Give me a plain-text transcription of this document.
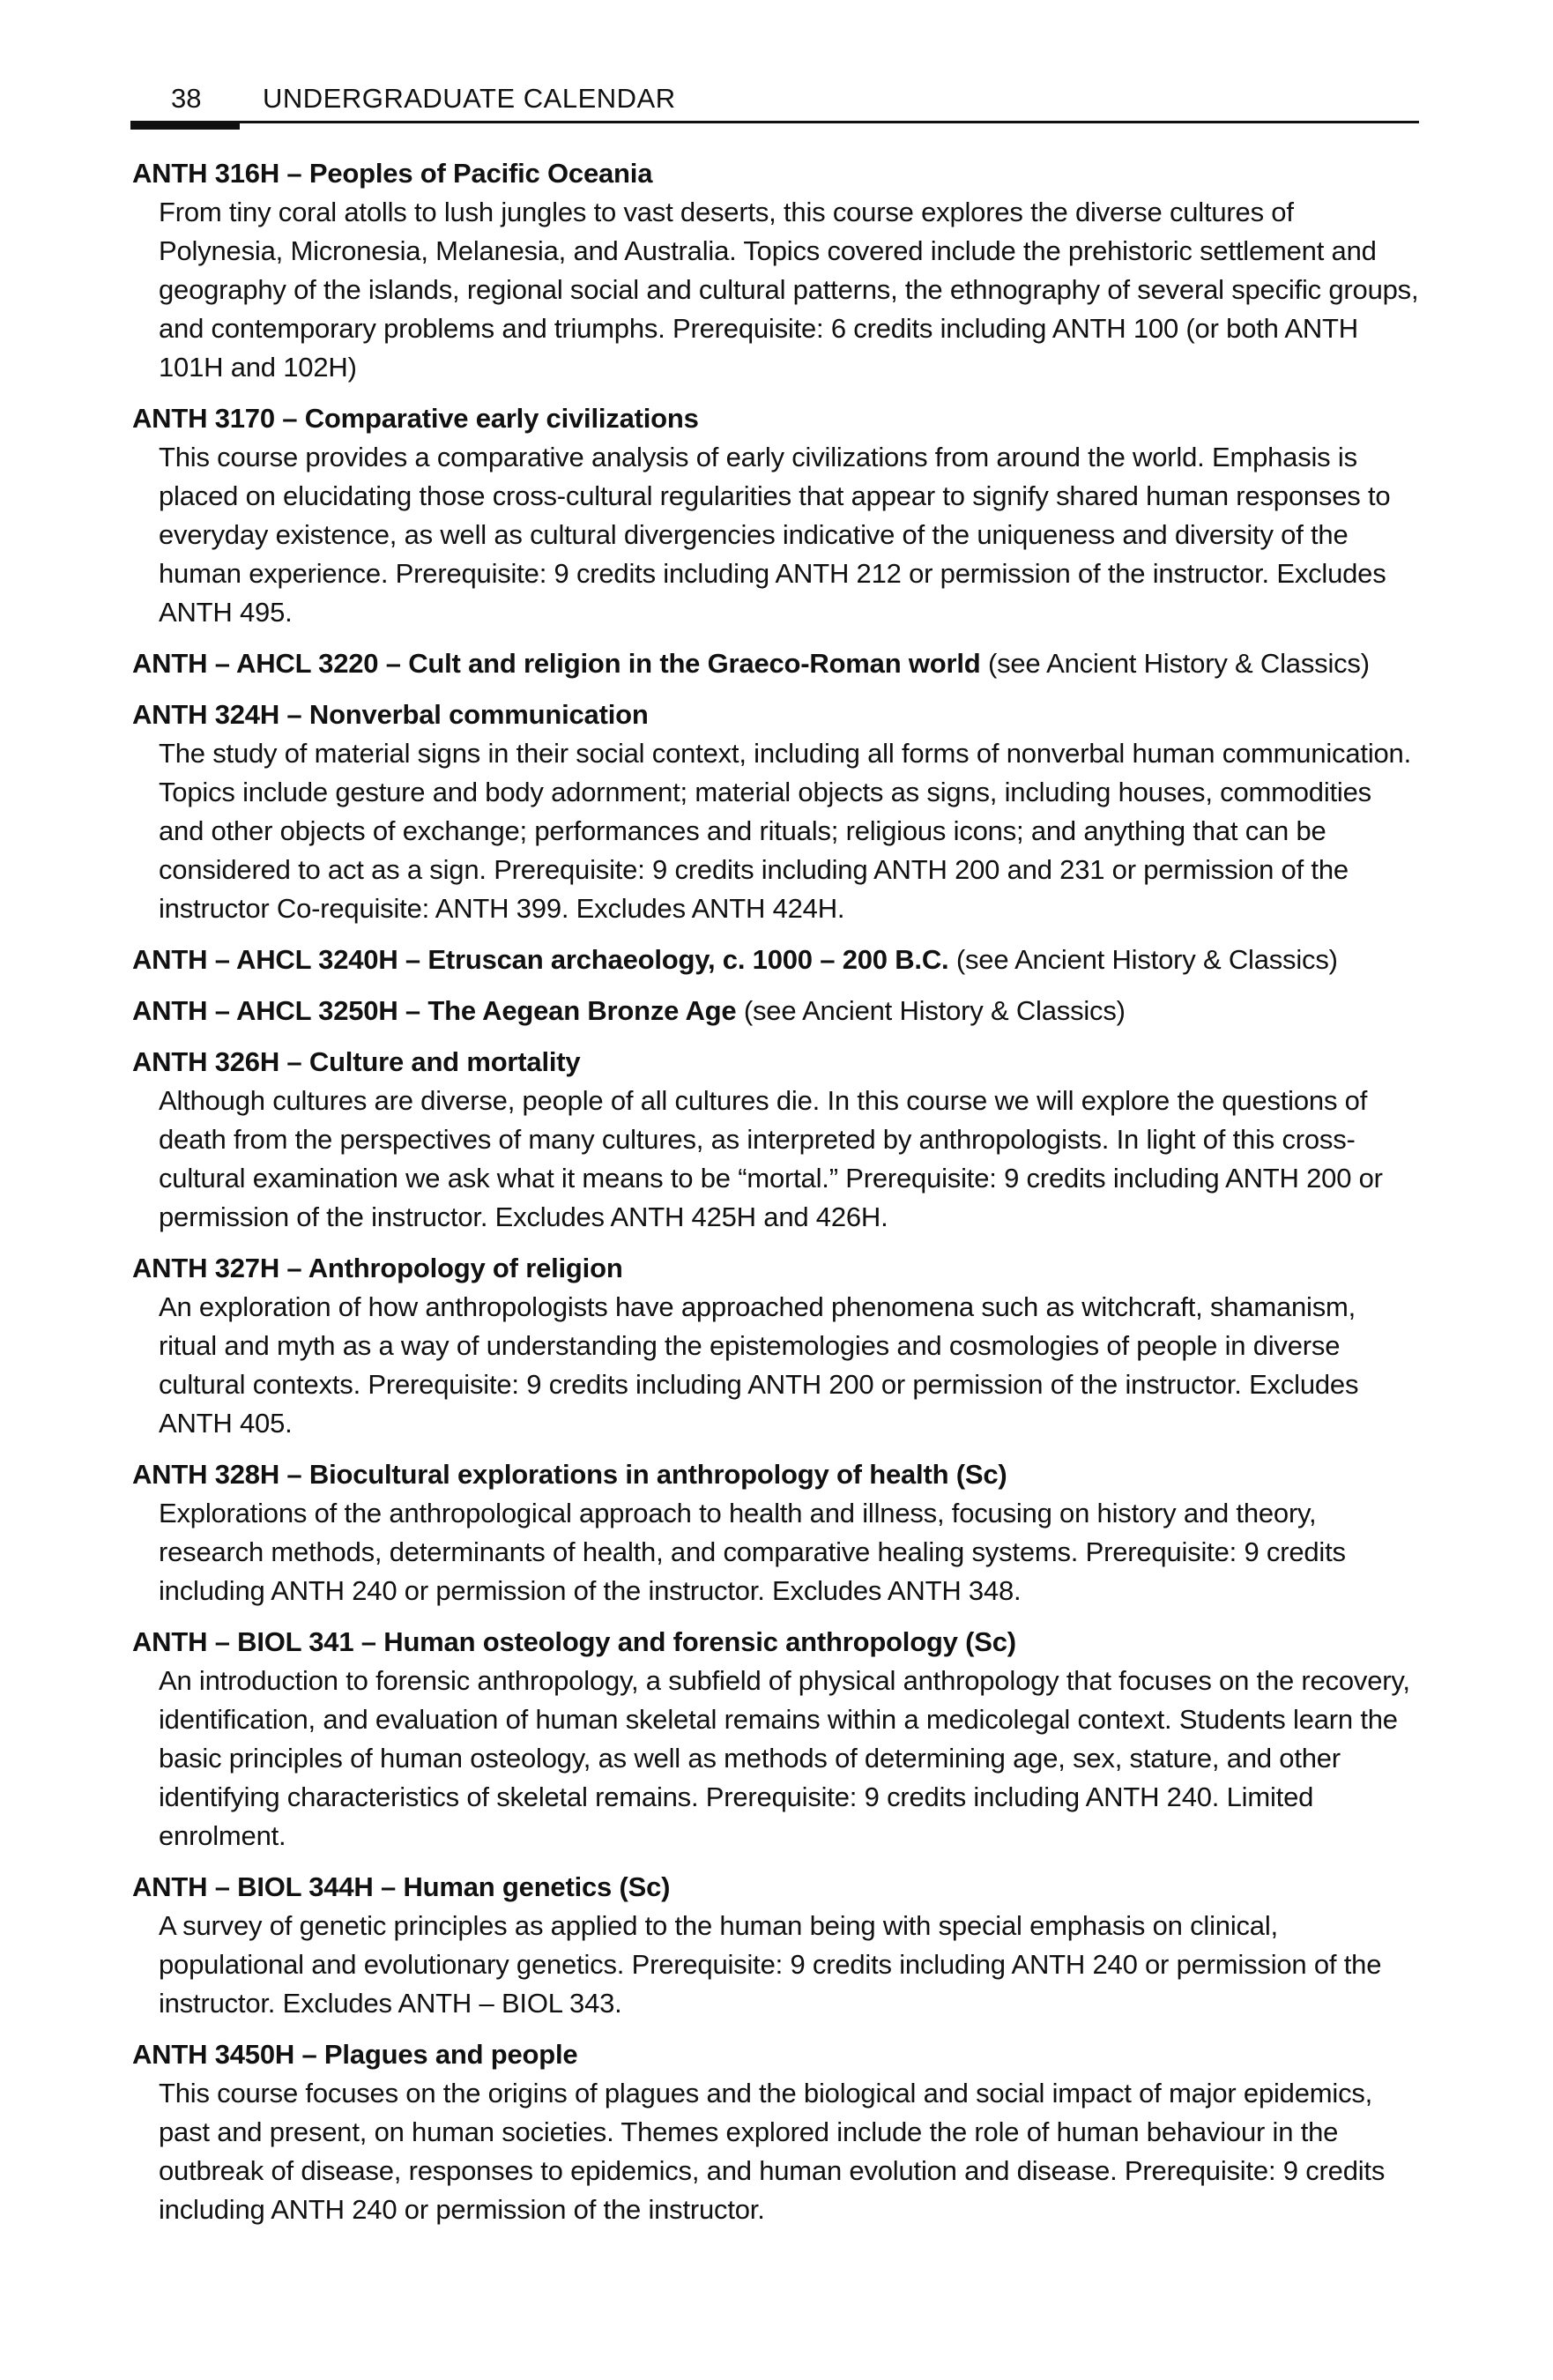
38 UNDERGRADUATE CALENDAR
ANTH 316H – Peoples of Pacific Oceania
From tiny coral atolls to lush jungles to vast deserts, this course explores the diverse cultures of Polynesia, Micronesia, Melanesia, and Australia. Topics covered include the prehistoric settlement and geography of the islands, regional social and cultural patterns, the ethnography of several specific groups, and contemporary problems and triumphs. Prerequisite: 6 credits including ANTH 100 (or both ANTH 101H and 102H)
ANTH 3170 – Comparative early civilizations
This course provides a comparative analysis of early civilizations from around the world. Emphasis is placed on elucidating those cross-cultural regularities that appear to signify shared human responses to everyday existence, as well as cultural divergencies indicative of the uniqueness and diversity of the human experience. Prerequisite: 9 credits including ANTH 212 or permission of the instructor. Excludes ANTH 495.
ANTH – AHCL 3220 – Cult and religion in the Graeco-Roman world (see Ancient History & Classics)
ANTH 324H – Nonverbal communication
The study of material signs in their social context, including all forms of nonverbal human communication. Topics include gesture and body adornment; material objects as signs, including houses, commodities and other objects of exchange; performances and rituals; religious icons; and anything that can be considered to act as a sign. Prerequisite: 9 credits including ANTH 200 and 231 or permission of the instructor Co-requisite: ANTH 399. Excludes ANTH 424H.
ANTH – AHCL 3240H – Etruscan archaeology, c. 1000 – 200 B.C. (see Ancient History & Classics)
ANTH – AHCL 3250H – The Aegean Bronze Age (see Ancient History & Classics)
ANTH 326H – Culture and mortality
Although cultures are diverse, people of all cultures die. In this course we will explore the questions of death from the perspectives of many cultures, as interpreted by anthropologists. In light of this cross-cultural examination we ask what it means to be “mortal.” Prerequisite: 9 credits including ANTH 200 or permission of the instructor. Excludes ANTH 425H and 426H.
ANTH 327H – Anthropology of religion
An exploration of how anthropologists have approached phenomena such as witchcraft, shamanism, ritual and myth as a way of understanding the epistemologies and cosmologies of people in diverse cultural contexts. Prerequisite: 9 credits including ANTH 200 or permission of the instructor. Excludes ANTH 405.
ANTH 328H – Biocultural explorations in anthropology of health (Sc)
Explorations of the anthropological approach to health and illness, focusing on history and theory, research methods, determinants of health, and comparative healing systems. Prerequisite: 9 credits including ANTH 240 or permission of the instructor. Excludes ANTH 348.
ANTH – BIOL 341 – Human osteology and forensic anthropology (Sc)
An introduction to forensic anthropology, a subfield of physical anthropology that focuses on the recovery, identification, and evaluation of human skeletal remains within a medicolegal context. Students learn the basic principles of human osteology, as well as methods of determining age, sex, stature, and other identifying characteristics of skeletal remains. Prerequisite: 9 credits including ANTH 240. Limited enrolment.
ANTH – BIOL 344H – Human genetics (Sc)
A survey of genetic principles as applied to the human being with special emphasis on clinical, populational and evolutionary genetics. Prerequisite: 9 credits including ANTH 240 or permission of the instructor. Excludes ANTH – BIOL 343.
ANTH 3450H – Plagues and people
This course focuses on the origins of plagues and the biological and social impact of major epidemics, past and present, on human societies. Themes explored include the role of human behaviour in the outbreak of disease, responses to epidemics, and human evolution and disease. Prerequisite: 9 credits including ANTH 240 or permission of the instructor.
